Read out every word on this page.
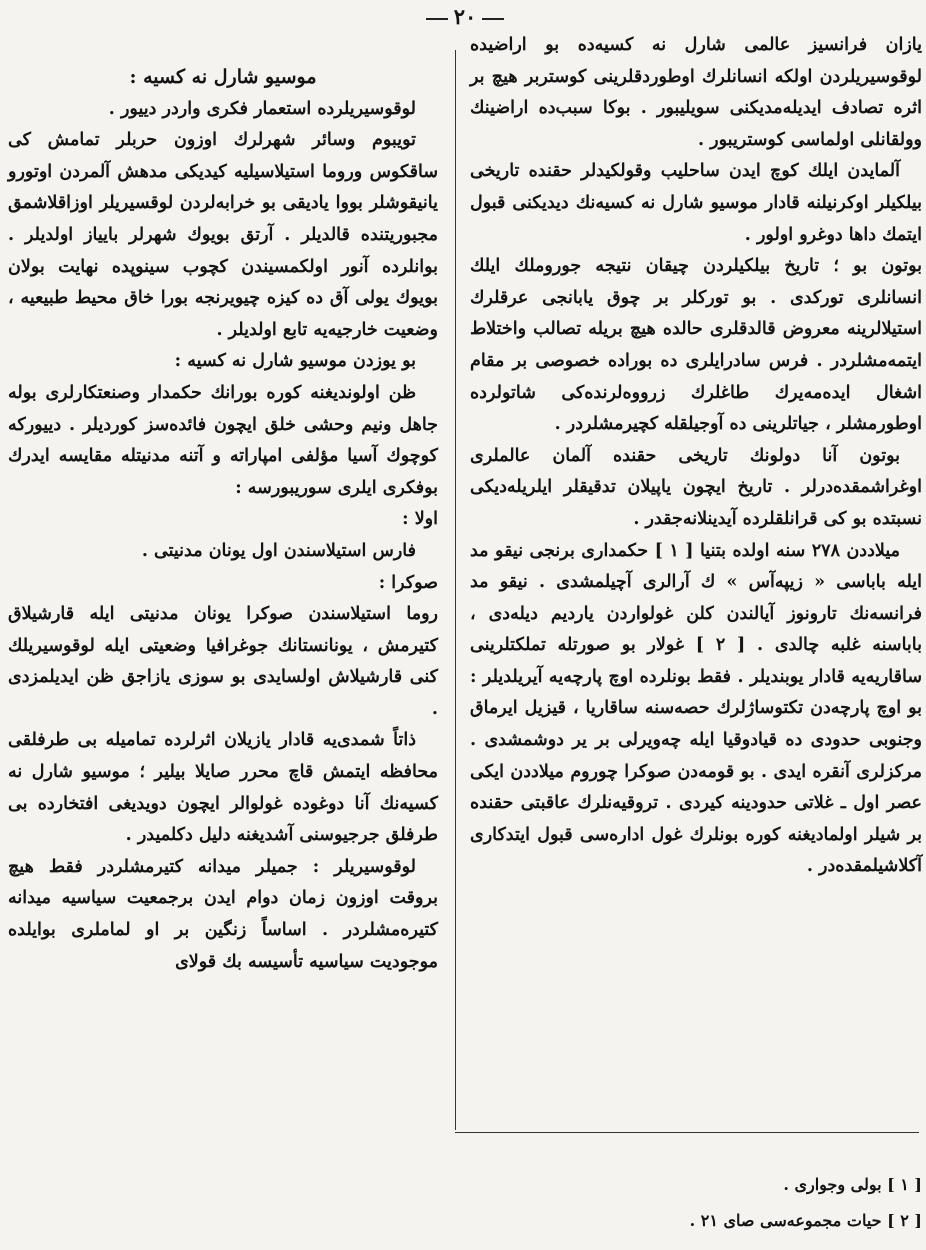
٢٠

موسیو شارل نه کسیه :

لوقوسیریلرده استعمار فکری واردر دییور .

تویبوم وسائر شهرلرك اوزون حربلر تمامش کی ساقکوس وروما استیلاسیلیه کیدیکی مدهش آلمردن اوتورو یانیقوشلر بووا یادیقی بو خرابه‌لردن لوقسیریلر اوزاقلاشمق مجبوریتنده قالدیلر . آرتق بویوك شهرلر باییاز اولدیلر . بوانلرده آنور اولکمسیندن کچوب سینوپده نهایت بولان بویوك یولی آق ده کیزه چیویرنجه بورا خاق محیط طبیعیه ، وضعیت خارجیه‌یه تابع اولدیلر .

بو یوزدن موسیو شارل نه کسیه :

ظن اولوندیغنه کوره بورانك حکمدار وصنعتکارلری بوله جاهل ونیم وحشی خلق ایچون فائده‌سز کوردیلر . دییورکه کوچوك آسیا مؤلفی امپاراته و آتنه مدنیتله مقایسه ایدرك بوفکری ایلری سوریبورسه :

اولا :

فارس استیلاسندن اول یونان مدنیتی .

صوکرا :

روما استیلاسندن صوکرا یونان مدنیتی ایله قارشیلاق کتیرمش ، یونانستانك جوغرافیا وضعیتی ایله لوقوسیریلك کنی قارشیلاش اولسایدی بو سوزی یازاجق ظن ایدیلمزدی .

ذاتاً شمدی‌یه قادار یازیلان اثرلرده تمامیله بی طرفلقی محافظه ایتمش قاچ محرر صایلا بیلیر ؛ موسیو شارل نه کسیه‌نك آنا دوغوده غولوالر ایچون دویدیغی افتخارده بی طرفلق جرجیوسنی آشدیغنه دلیل دکلمیدر .

لوقوسیریلر : جمیلر میدانه کتیرمشلردر فقط هیچ بروقت اوزون زمان دوام ایدن برجمعیت سیاسیه میدانه کتیره‌مشلردر . اساساً زنگین بر او لماملری بوایلده موجودیت سیاسیه تأسیسه بك قولای

یازان فرانسیز عالمی شارل نه کسیه‌ده بو اراضیده لوقوسیریلردن اولکه انسانلرك اوطوردقلرینی کوستربر هیچ بر اثره تصادف ایدیله‌مدیکنی سویلیبور . بوکا سبب‌ده اراضینك وولقانلی اولماسی کوستریبور .

آلمایدن ایلك کوچ ایدن ساحلیب وقولکیدلر حقنده تاریخی بیلکیلر اوکرنیلنه قادار موسیو شارل نه کسیه‌نك دیدیکنی قبول ایتمك داها دوغرو اولور .

بوتون بو ؛ تاریخ بیلکیلردن چیقان نتیجه جوروملك ایلك انسانلری توركدی . بو توركلر بر چوق یابانجی عرقلرك استیلالرینه معروض قالدقلری حالده هیچ بریله تصالب واختلاط ایتمه‌مشلردر . فرس سادرایلری ده بوراده خصوصی بر مقام اشغال ایده‌مه‌یرك طاغلرك زرووه‌لرنده‌کی شاتولرده اوطورمشلر ، جیاتلرینی ده آوجیلقله کچیرمشلردر .

بوتون آنا دولونك تاریخی حقنده آلمان عالملری اوغراشمقده‌درلر . تاریخ ایچون یاپیلان تدقیقلر ایلریله‌دیکی نسبتده بو کی قرانلقلرده آیدینلانه‌جقدر .

میلاددن ٢٧٨ سنه اولده بتنیا [ ١ ] حکمداری برنجی نیقو مد ایله باباسی « زیپه‌آس » ك آرالری آچیلمشدی . نیقو مد فرانسه‌نك تارونوز آیالندن کلن غولواردن یاردیم دیله‌دی ، باباسنه غلبه چالدی . [ ٢ ] غولار بو صورتله تملکتلرینی ساقاریه‌یه قادار یوبندیلر . فقط بونلرده اوچ پارچه‌یه آیریلدیلر : بو اوچ پارچه‌دن تکتوساژلرك حصه‌سنه ساقاریا ، قیزیل ایرماق وجنوبی حدودی ده قیادوقیا ایله چه‌ویرلی بر یر دوشمشدی . مرکزلری آنقره ایدی . بو قومه‌دن صوکرا چوروم میلاددن ایکی عصر اول ـ غلاتی حدودینه کیردی . تروقیه‌نلرك عاقبتی حقنده بر شیلر اولمادیغنه کوره بونلرك غول ادارەسی قبول ایتدکاری آکلاشیلمقده‌در .

[ ١ ] بولی وجواری .
[ ٢ ] حیات مجموعه‌سی صای ٢١ .
